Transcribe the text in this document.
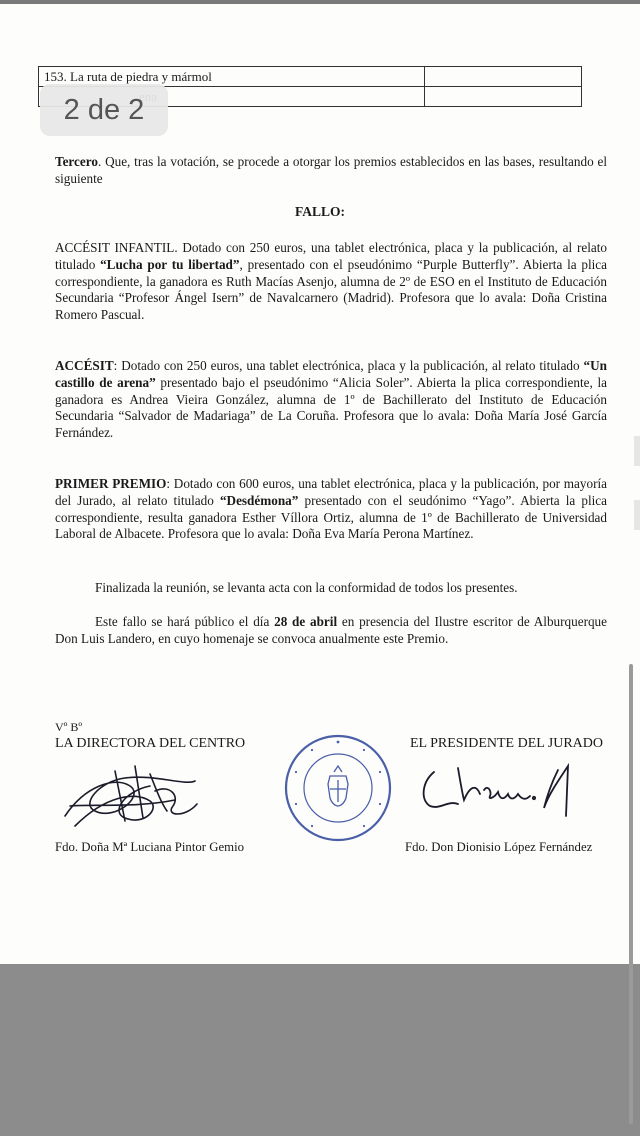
153. La ruta de piedra y mármol	

Tercero. Que, tras la votación, se procede a otorgar los premios establecidos en las bases, resultando el siguiente

FALLO:

ACCÉSIT INFANTIL. Dotado con 250 euros, una tablet electrónica, placa y la publicación, al relato titulado “Lucha por tu libertad”, presentado con el pseudónimo “Purple Butterfly”. Abierta la plica correspondiente, la ganadora es Ruth Macías Asenjo, alumna de 2º de ESO en el Instituto de Educación Secundaria “Profesor Ángel Isern” de Navalcarnero (Madrid). Profesora que lo avala: Doña Cristina Romero Pascual.

ACCÉSIT: Dotado con 250 euros, una tablet electrónica, placa y la publicación, al relato titulado “Un castillo de arena” presentado bajo el pseudónimo “Alicia Soler”. Abierta la plica correspondiente, la ganadora es Andrea Vieira González, alumna de 1º de Bachillerato del Instituto de Educación Secundaria “Salvador de Madariaga” de La Coruña. Profesora que lo avala: Doña María José García Fernández.

PRIMER PREMIO: Dotado con 600 euros, una tablet electrónica, placa y la publicación, por mayoría del Jurado, al relato titulado “Desdémona” presentado con el seudónimo “Yago”. Abierta la plica correspondiente, resulta ganadora Esther Víllora Ortiz, alumna de 1º de Bachillerato de Universidad Laboral de Albacete. Profesora que lo avala: Doña Eva María Perona Martínez.

Finalizada la reunión, se levanta acta con la conformidad de todos los presentes.

Este fallo se hará público el día 28 de abril en presencia del Ilustre escritor de Alburquerque Don Luis Landero, en cuyo homenaje se convoca anualmente este Premio.

Vº Bº
LA DIRECTORA DEL CENTRO	EL PRESIDENTE DEL JURADO
Fdo. Doña Mª Luciana Pintor Gemio	Fdo. Don Dionisio López Fernández
2 de 2
